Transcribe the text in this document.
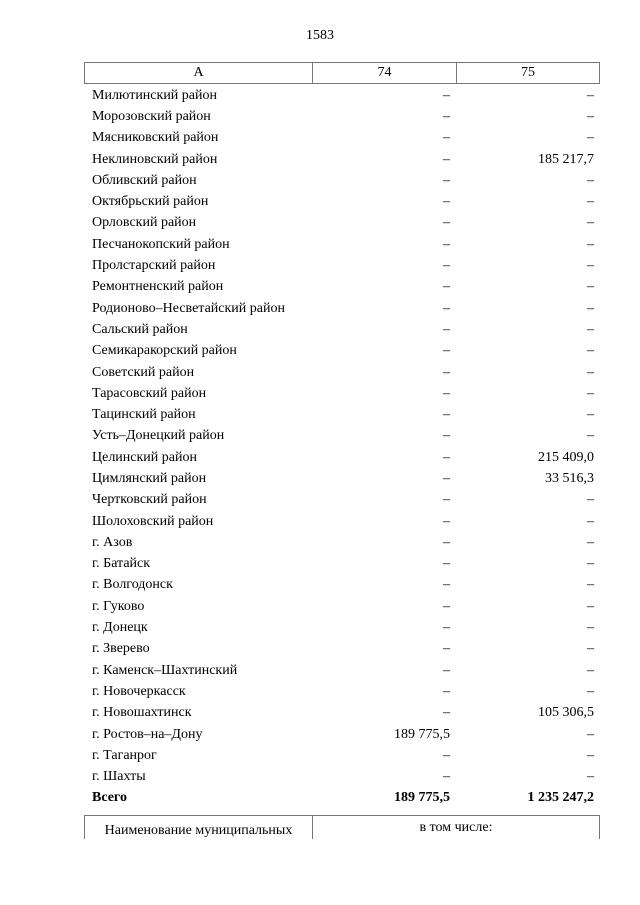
1583
A	74	75
Милютинский район	–	–
Морозовский район	–	–
Мясниковский район	–	–
Неклиновский район	–	185 217,7
Обливский район	–	–
Октябрьский район	–	–
Орловский район	–	–
Песчанокопский район	–	–
Пролстарский район	–	–
Ремонтненский район	–	–
Родионово–Несветайский район	–	–
Сальский район	–	–
Семикаракорский район	–	–
Советский район	–	–
Тарасовский район	–	–
Тацинский район	–	–
Усть–Донецкий район	–	–
Целинский район	–	215 409,0
Цимлянский район	–	33 516,3
Чертковский район	–	–
Шолоховский район	–	–
г. Азов	–	–
г. Батайск	–	–
г. Волгодонск	–	–
г. Гуково	–	–
г. Донецк	–	–
г. Зверево	–	–
г. Каменск–Шахтинский	–	–
г. Новочеркасск	–	–
г. Новошахтинск	–	105 306,5
г. Ростов–на–Дону	189 775,5	–
г. Таганрог	–	–
г. Шахты	–	–
Всего	189 775,5	1 235 247,2
Наименование муниципальных	в том числе:
